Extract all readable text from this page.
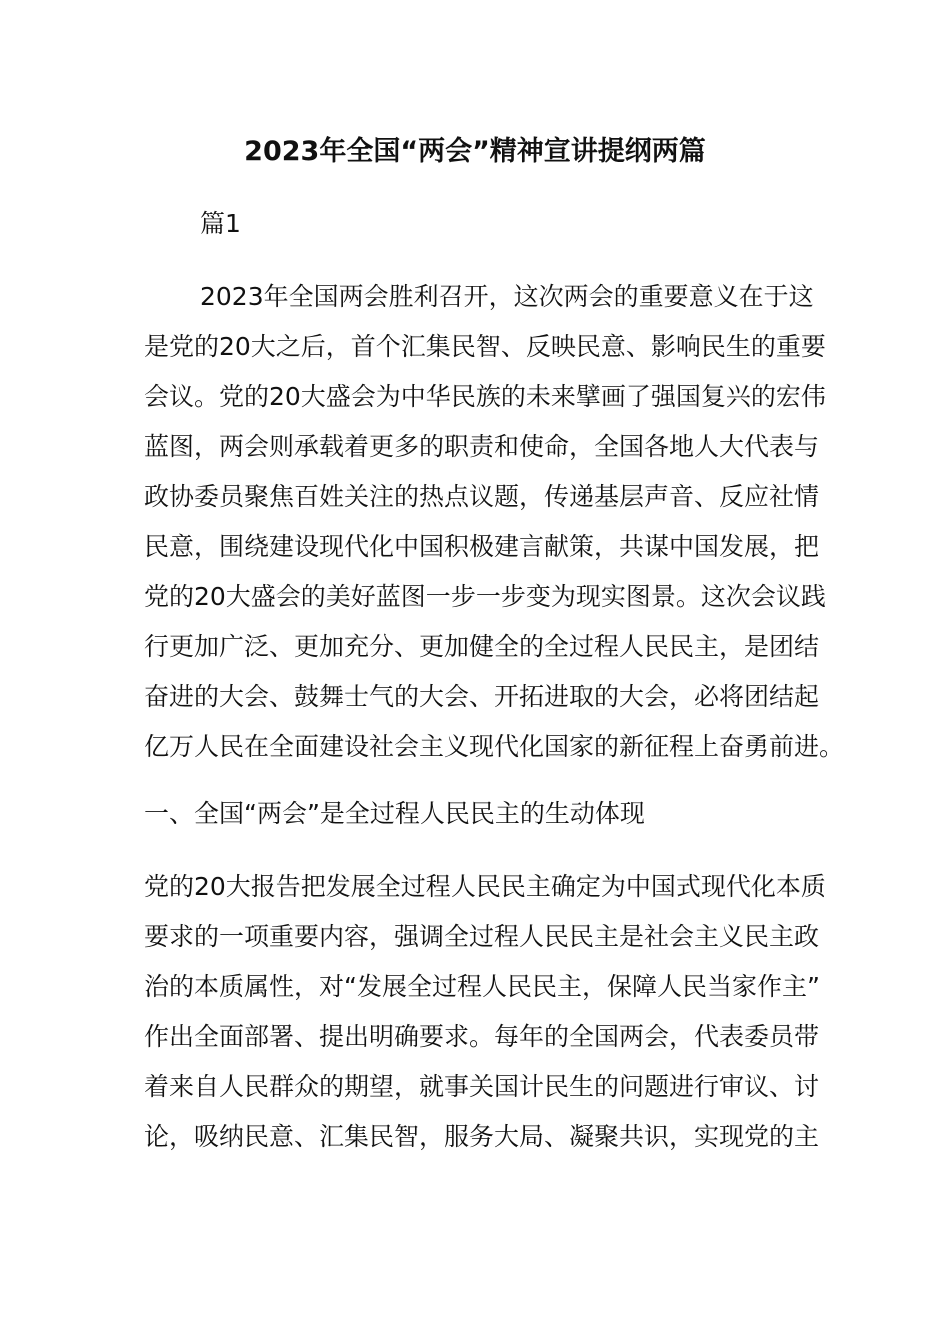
2023年全国“两会”精神宣讲提纲两篇

篇1

2023年全国两会胜利召开，这次两会的重要意义在于这
是党的20大之后，首个汇集民智、反映民意、影响民生的重要
会议。党的20大盛会为中华民族的未来擘画了强国复兴的宏伟
蓝图，两会则承载着更多的职责和使命，全国各地人大代表与
政协委员聚焦百姓关注的热点议题，传递基层声音、反应社情
民意，围绕建设现代化中国积极建言献策，共谋中国发展，把
党的20大盛会的美好蓝图一步一步变为现实图景。这次会议践
行更加广泛、更加充分、更加健全的全过程人民民主，是团结
奋进的大会、鼓舞士气的大会、开拓进取的大会，必将团结起
亿万人民在全面建设社会主义现代化国家的新征程上奋勇前进。

一、全国“两会”是全过程人民民主的生动体现

党的20大报告把发展全过程人民民主确定为中国式现代化本质
要求的一项重要内容，强调全过程人民民主是社会主义民主政
治的本质属性，对“发展全过程人民民主，保障人民当家作主”
作出全面部署、提出明确要求。每年的全国两会，代表委员带
着来自人民群众的期望，就事关国计民生的问题进行审议、讨
论，吸纳民意、汇集民智，服务大局、凝聚共识，实现党的主
